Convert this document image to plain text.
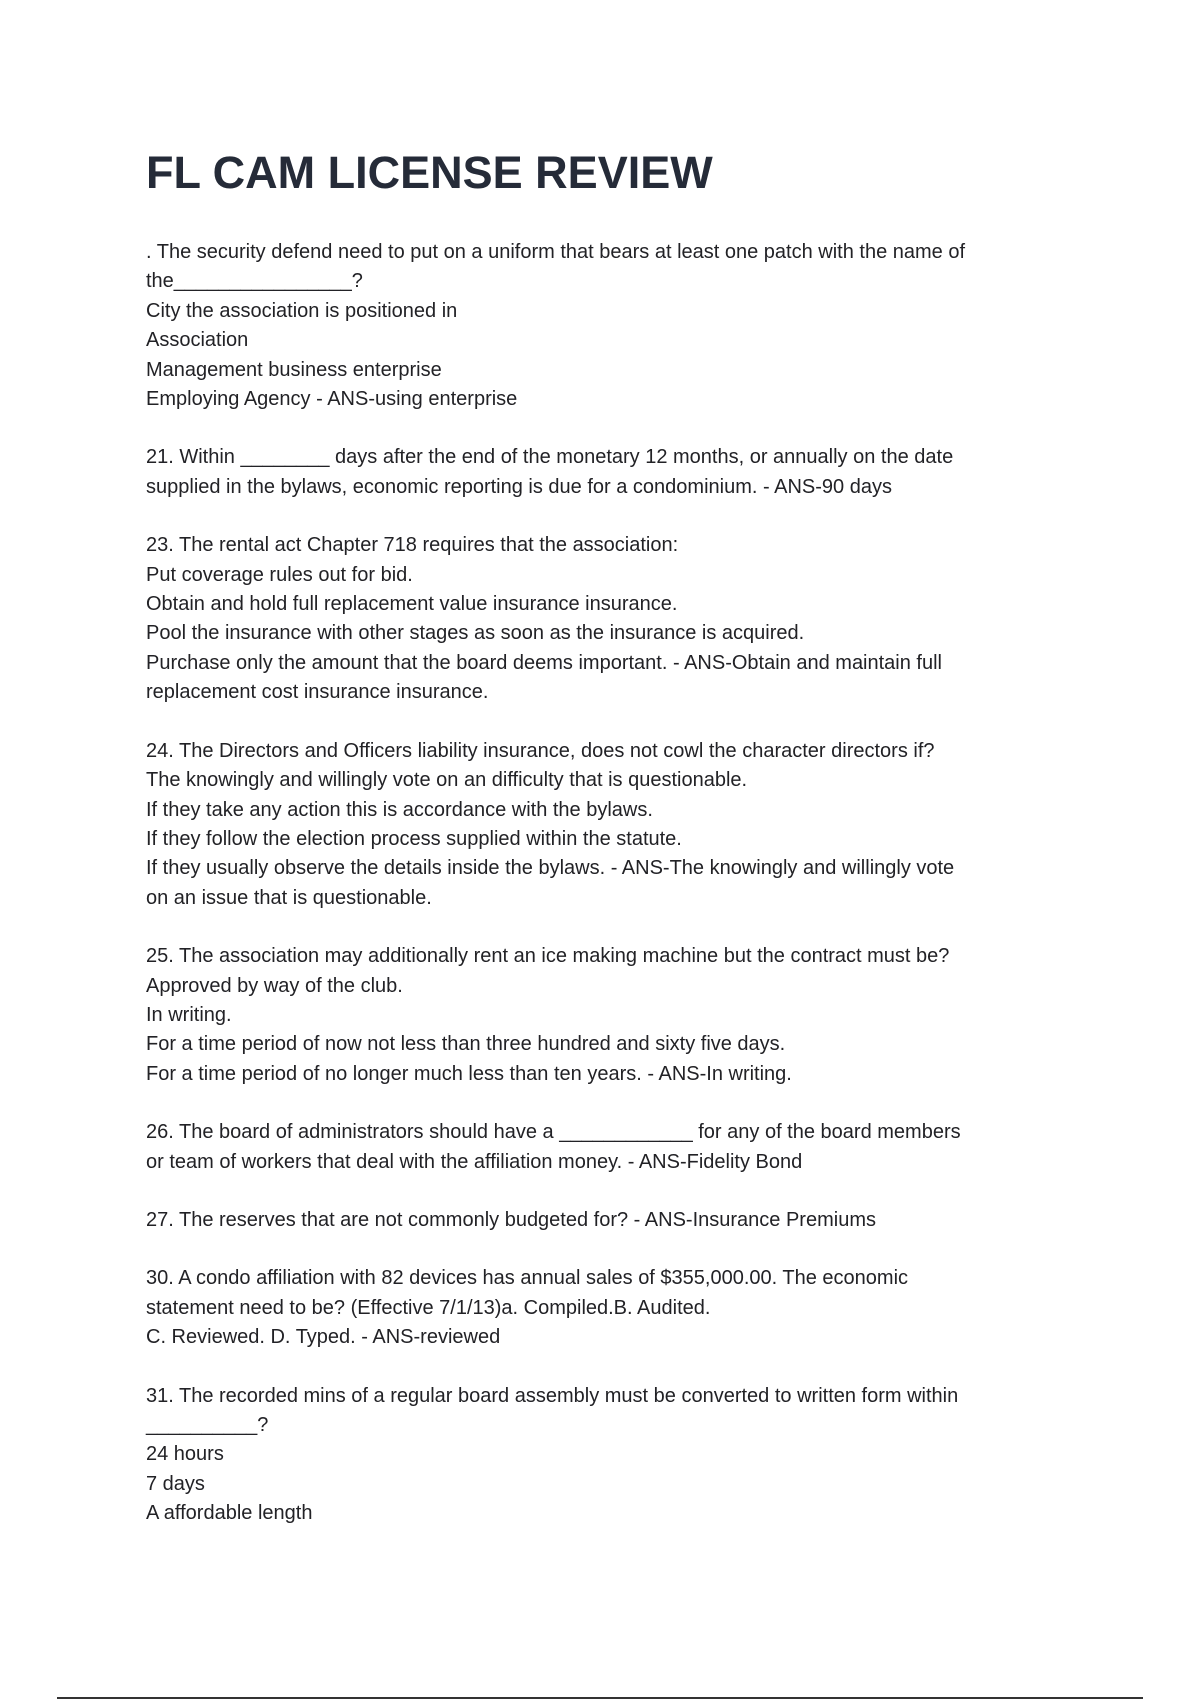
FL CAM LICENSE REVIEW
. The security defend need to put on a uniform that bears at least one patch with the name of
the________________?
City the association is positioned in
Association
Management business enterprise
Employing Agency - ANS-using enterprise
21. Within ________ days after the end of the monetary 12 months, or annually on the date
supplied in the bylaws, economic reporting is due for a condominium. - ANS-90 days
23. The rental act Chapter 718 requires that the association:
Put coverage rules out for bid.
Obtain and hold full replacement value insurance insurance.
Pool the insurance with other stages as soon as the insurance is acquired.
Purchase only the amount that the board deems important. - ANS-Obtain and maintain full
replacement cost insurance insurance.
24. The Directors and Officers liability insurance, does not cowl the character directors if?
The knowingly and willingly vote on an difficulty that is questionable.
If they take any action this is accordance with the bylaws.
If they follow the election process supplied within the statute.
If they usually observe the details inside the bylaws. - ANS-The knowingly and willingly vote
on an issue that is questionable.
25. The association may additionally rent an ice making machine but the contract must be?
Approved by way of the club.
In writing.
For a time period of now not less than three hundred and sixty five days.
For a time period of no longer much less than ten years. - ANS-In writing.
26. The board of administrators should have a ____________ for any of the board members
or team of workers that deal with the affiliation money. - ANS-Fidelity Bond
27. The reserves that are not commonly budgeted for? - ANS-Insurance Premiums
30. A condo affiliation with 82 devices has annual sales of $355,000.00. The economic
statement need to be? (Effective 7/1/13)a. Compiled.B. Audited.
C. Reviewed. D. Typed. - ANS-reviewed
31. The recorded mins of a regular board assembly must be converted to written form within
__________?
24 hours
7 days
A affordable length
